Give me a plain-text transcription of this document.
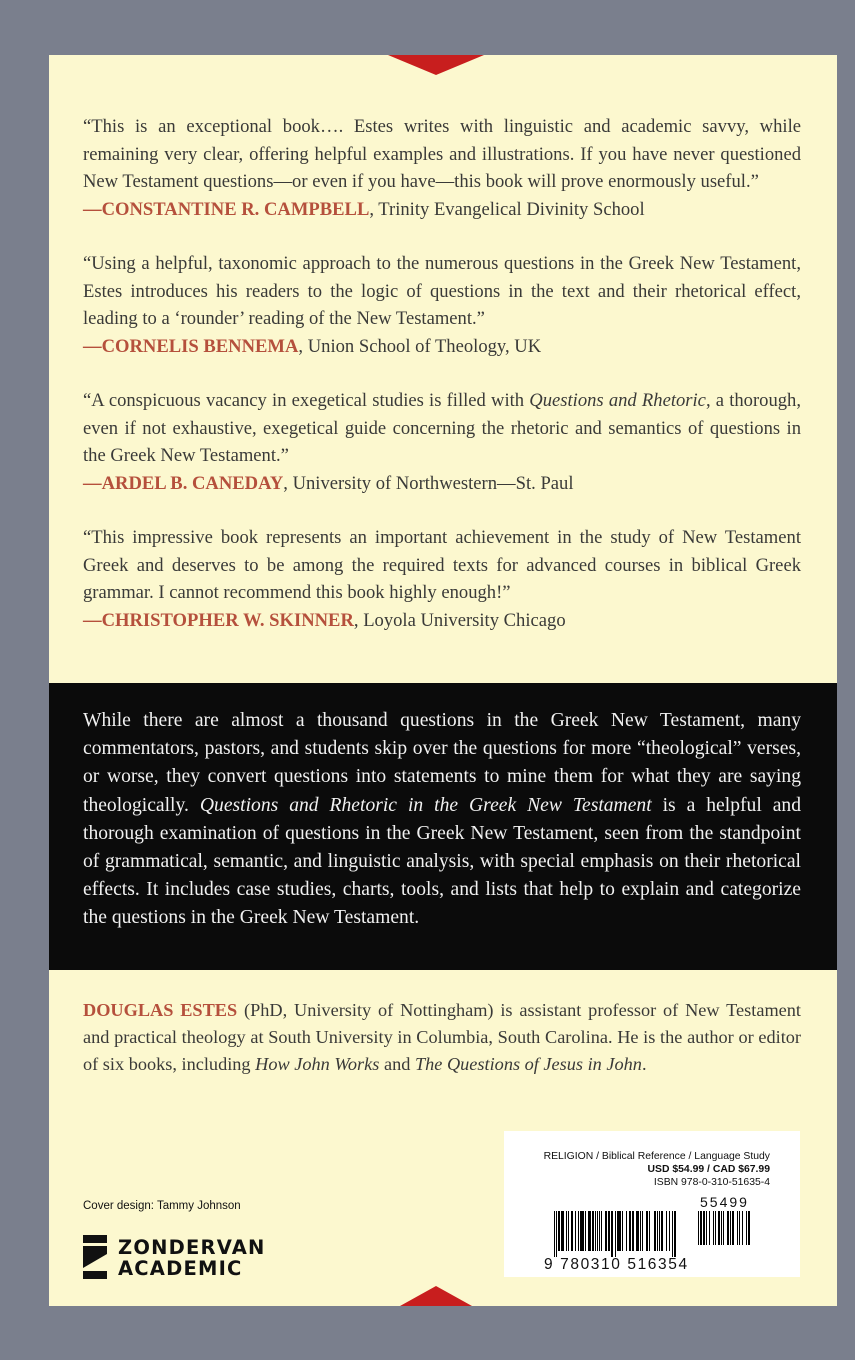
“This is an exceptional book…. Estes writes with linguistic and academic savvy, while remaining very clear, offering helpful examples and illustrations. If you have never questioned New Testament questions—or even if you have—this book will prove enormously useful.”

—CONSTANTINE R. CAMPBELL, Trinity Evangelical Divinity School

“Using a helpful, taxonomic approach to the numerous questions in the Greek New Testament, Estes introduces his readers to the logic of questions in the text and their rhetorical effect, leading to a ‘rounder’ reading of the New Testament.”

—CORNELIS BENNEMA, Union School of Theology, UK

“A conspicuous vacancy in exegetical studies is filled with Questions and Rhetoric, a thorough, even if not exhaustive, exegetical guide concerning the rhetoric and semantics of questions in the Greek New Testament.”

—ARDEL B. CANEDAY, University of Northwestern—St. Paul

“This impressive book represents an important achievement in the study of New Testament Greek and deserves to be among the required texts for advanced courses in biblical Greek grammar. I cannot recommend this book highly enough!”

—CHRISTOPHER W. SKINNER, Loyola University Chicago

While there are almost a thousand questions in the Greek New Testament, many commentators, pastors, and students skip over the questions for more “theological” verses, or worse, they convert questions into statements to mine them for what they are saying theologically. Questions and Rhetoric in the Greek New Testament is a helpful and thorough examination of questions in the Greek New Testament, seen from the standpoint of grammatical, semantic, and linguistic analysis, with special emphasis on their rhetorical effects. It includes case studies, charts, tools, and lists that help to explain and categorize the questions in the Greek New Testament.

DOUGLAS ESTES (PhD, University of Nottingham) is assistant professor of New Testament and practical theology at South University in Columbia, South Carolina. He is the author or editor of six books, including How John Works and The Questions of Jesus in John.

RELIGION / Biblical Reference / Language Study
USD $54.99 / CAD $67.99
ISBN 978-0-310-51635-4
55499
9 780310 516354
Cover design: Tammy Johnson
ZONDERVAN
ACADEMIC
